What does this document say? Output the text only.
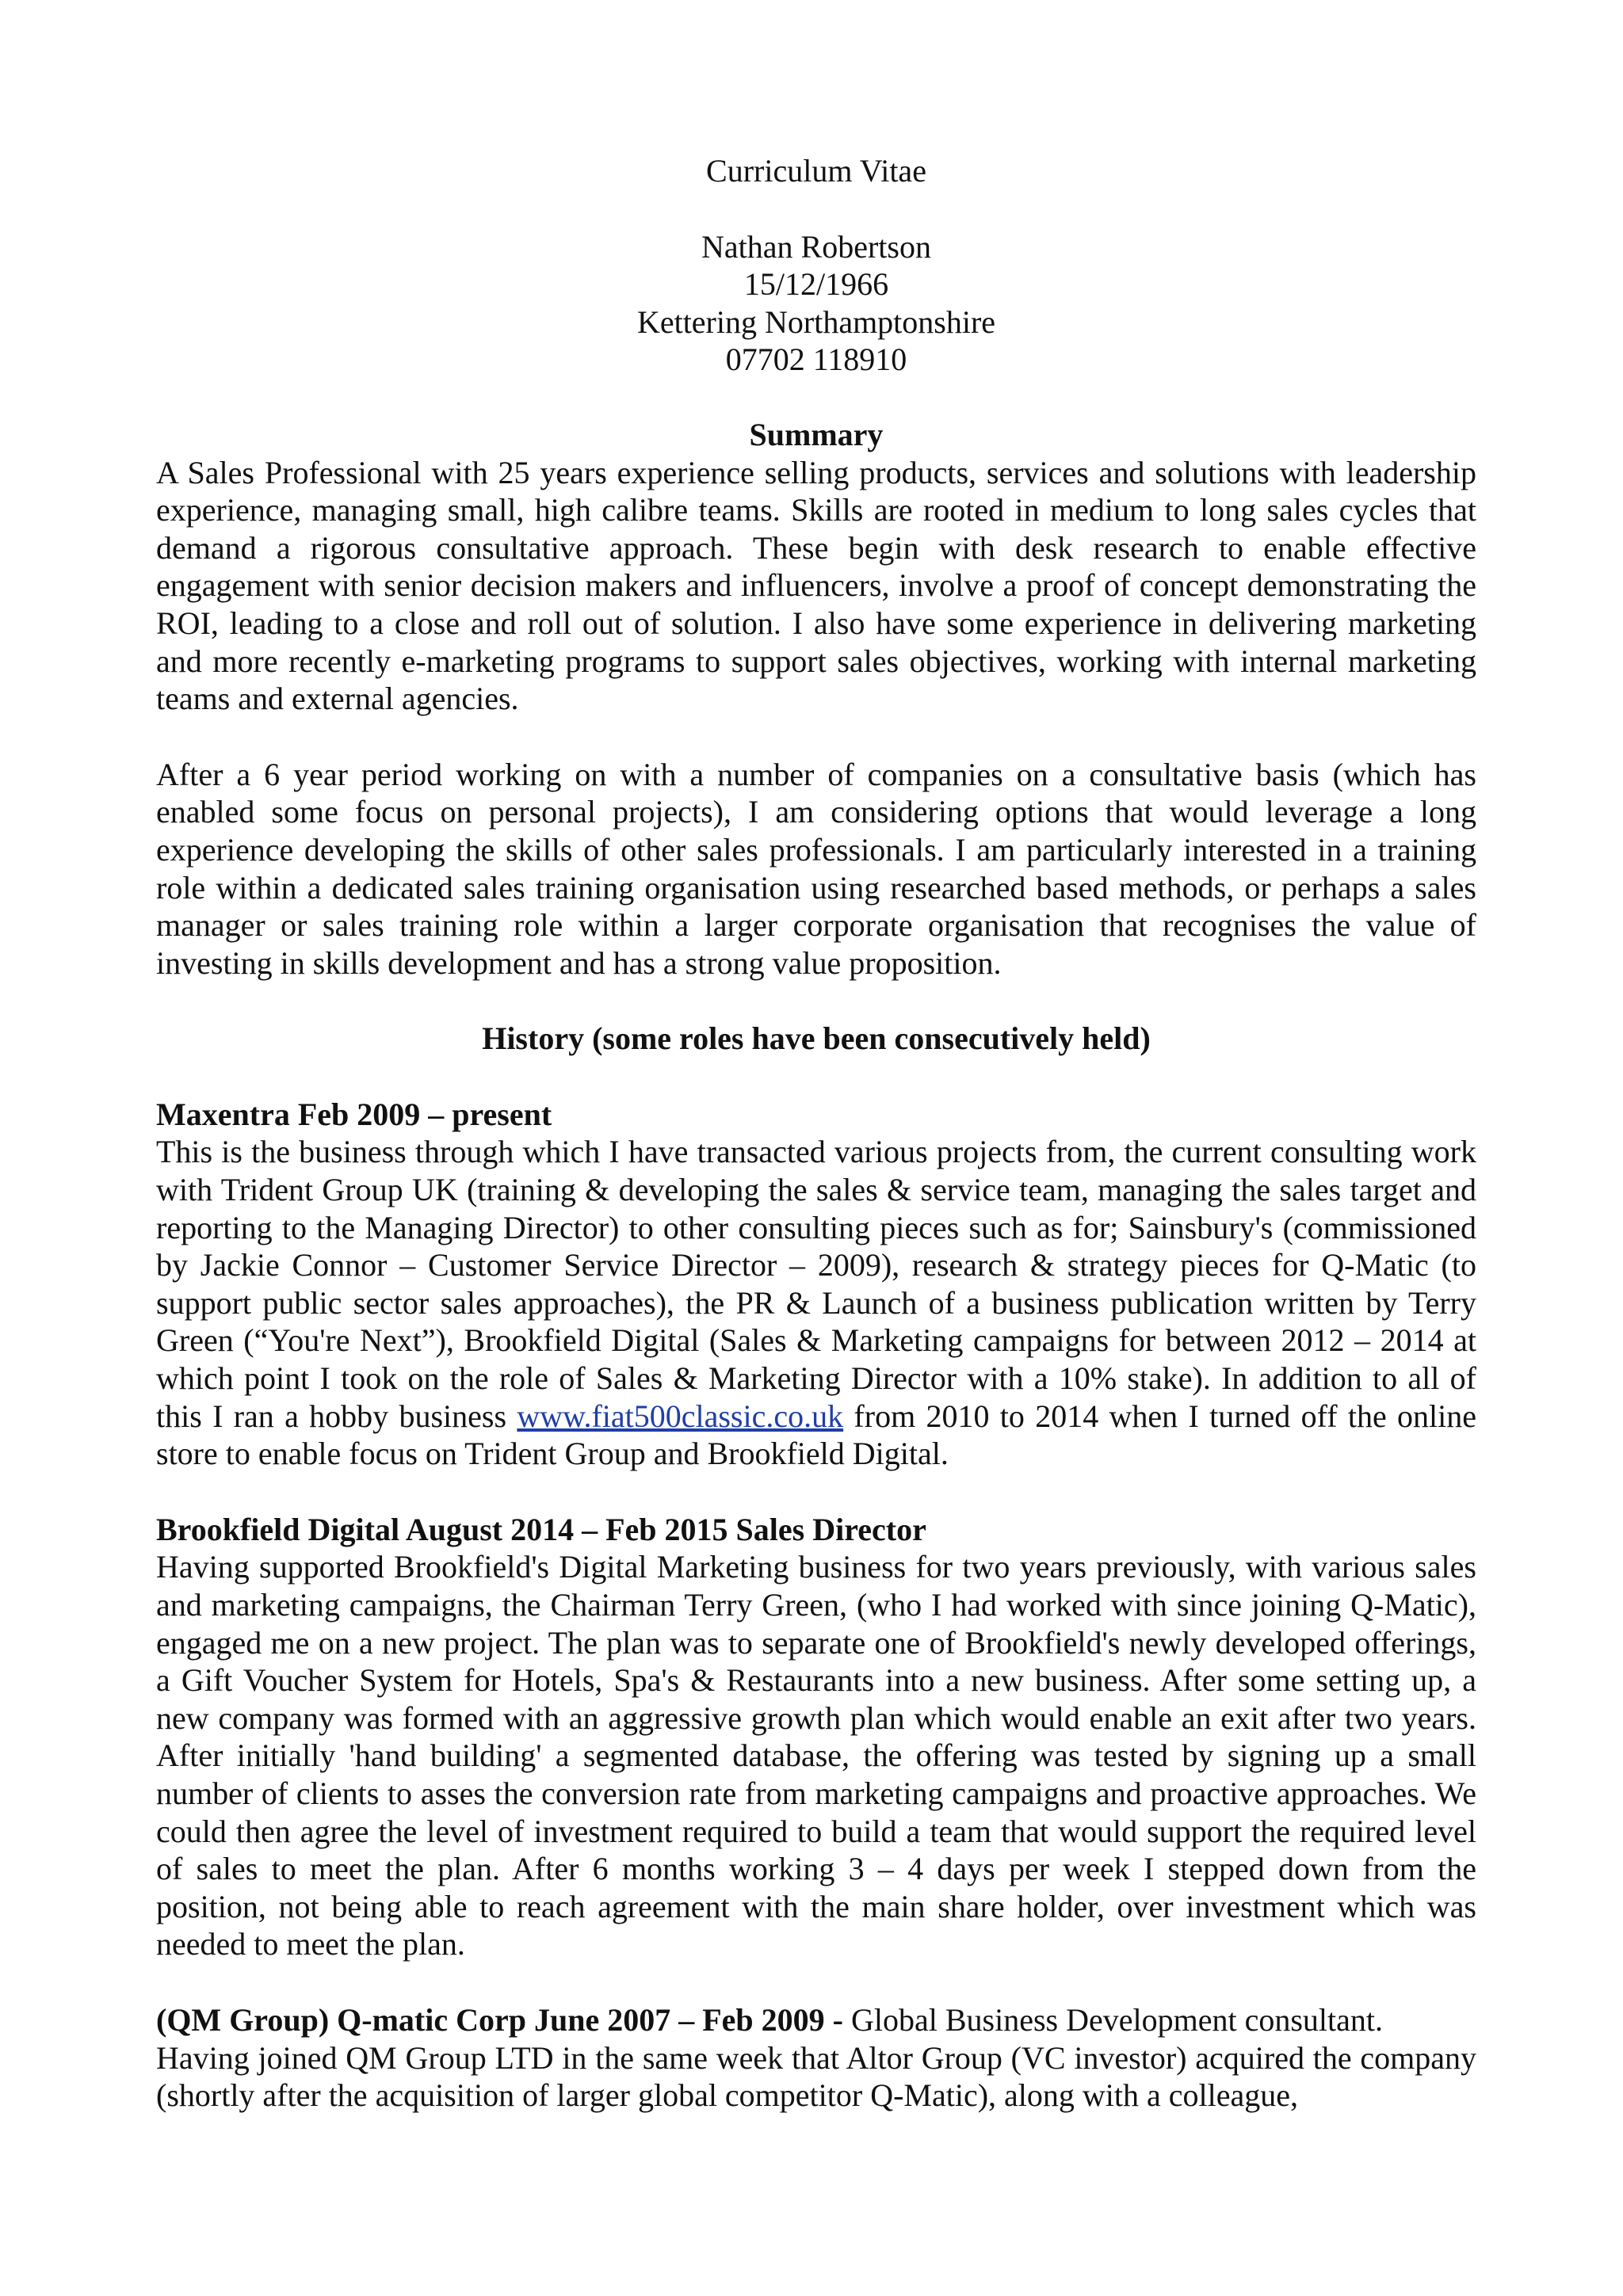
Curriculum Vitae
Nathan Robertson
15/12/1966
Kettering Northamptonshire
07702 118910
Summary

A Sales Professional with 25 years experience selling products, services and solutions with leadership experience, managing small, high calibre teams. Skills are rooted in medium to long sales cycles that demand a rigorous consultative approach. These begin with desk research to enable effective engagement with senior decision makers and influencers, involve a proof of concept demonstrating the ROI, leading to a close and roll out of solution. I also have some experience in delivering marketing and more recently e-marketing programs to support sales objectives, working with internal marketing teams and external agencies.

After a 6 year period working on with a number of companies on a consultative basis (which has enabled some focus on personal projects), I am considering options that would leverage a long experience developing the skills of other sales professionals. I am particularly interested in a training role within a dedicated sales training organisation using researched based methods, or perhaps a sales manager or sales training role within a larger corporate organisation that recognises the value of investing in skills development and has a strong value proposition.

History (some roles have been consecutively held)
Maxentra Feb 2009 – present

This is the business through which I have transacted various projects from, the current consulting work with Trident Group UK (training & developing the sales & service team, managing the sales target and reporting to the Managing Director) to other consulting pieces such as for; Sainsbury's (commissioned by Jackie Connor – Customer Service Director – 2009), research & strategy pieces for Q-Matic (to support public sector sales approaches), the PR & Launch of a business publication written by Terry Green (“You're Next”), Brookfield Digital (Sales & Marketing campaigns for between 2012 – 2014 at which point I took on the role of Sales & Marketing Director with a 10% stake). In addition to all of this I ran a hobby business www.fiat500classic.co.uk from 2010 to 2014 when I turned off the online store to enable focus on Trident Group and Brookfield Digital.

Brookfield Digital August 2014 – Feb 2015 Sales Director

Having supported Brookfield's Digital Marketing business for two years previously, with various sales and marketing campaigns, the Chairman Terry Green, (who I had worked with since joining Q-Matic), engaged me on a new project. The plan was to separate one of Brookfield's newly developed offerings, a Gift Voucher System for Hotels, Spa's & Restaurants into a new business. After some setting up, a new company was formed with an aggressive growth plan which would enable an exit after two years. After initially 'hand building' a segmented database, the offering was tested by signing up a small number of clients to asses the conversion rate from marketing campaigns and proactive approaches. We could then agree the level of investment required to build a team that would support the required level of sales to meet the plan. After 6 months working 3 – 4 days per week I stepped down from the position, not being able to reach agreement with the main share holder, over investment which was needed to meet the plan.

(QM Group) Q-matic Corp June 2007 – Feb 2009 - Global Business Development consultant.

Having joined QM Group LTD in the same week that Altor Group (VC investor) acquired the company (shortly after the acquisition of larger global competitor Q-Matic), along with a colleague,
